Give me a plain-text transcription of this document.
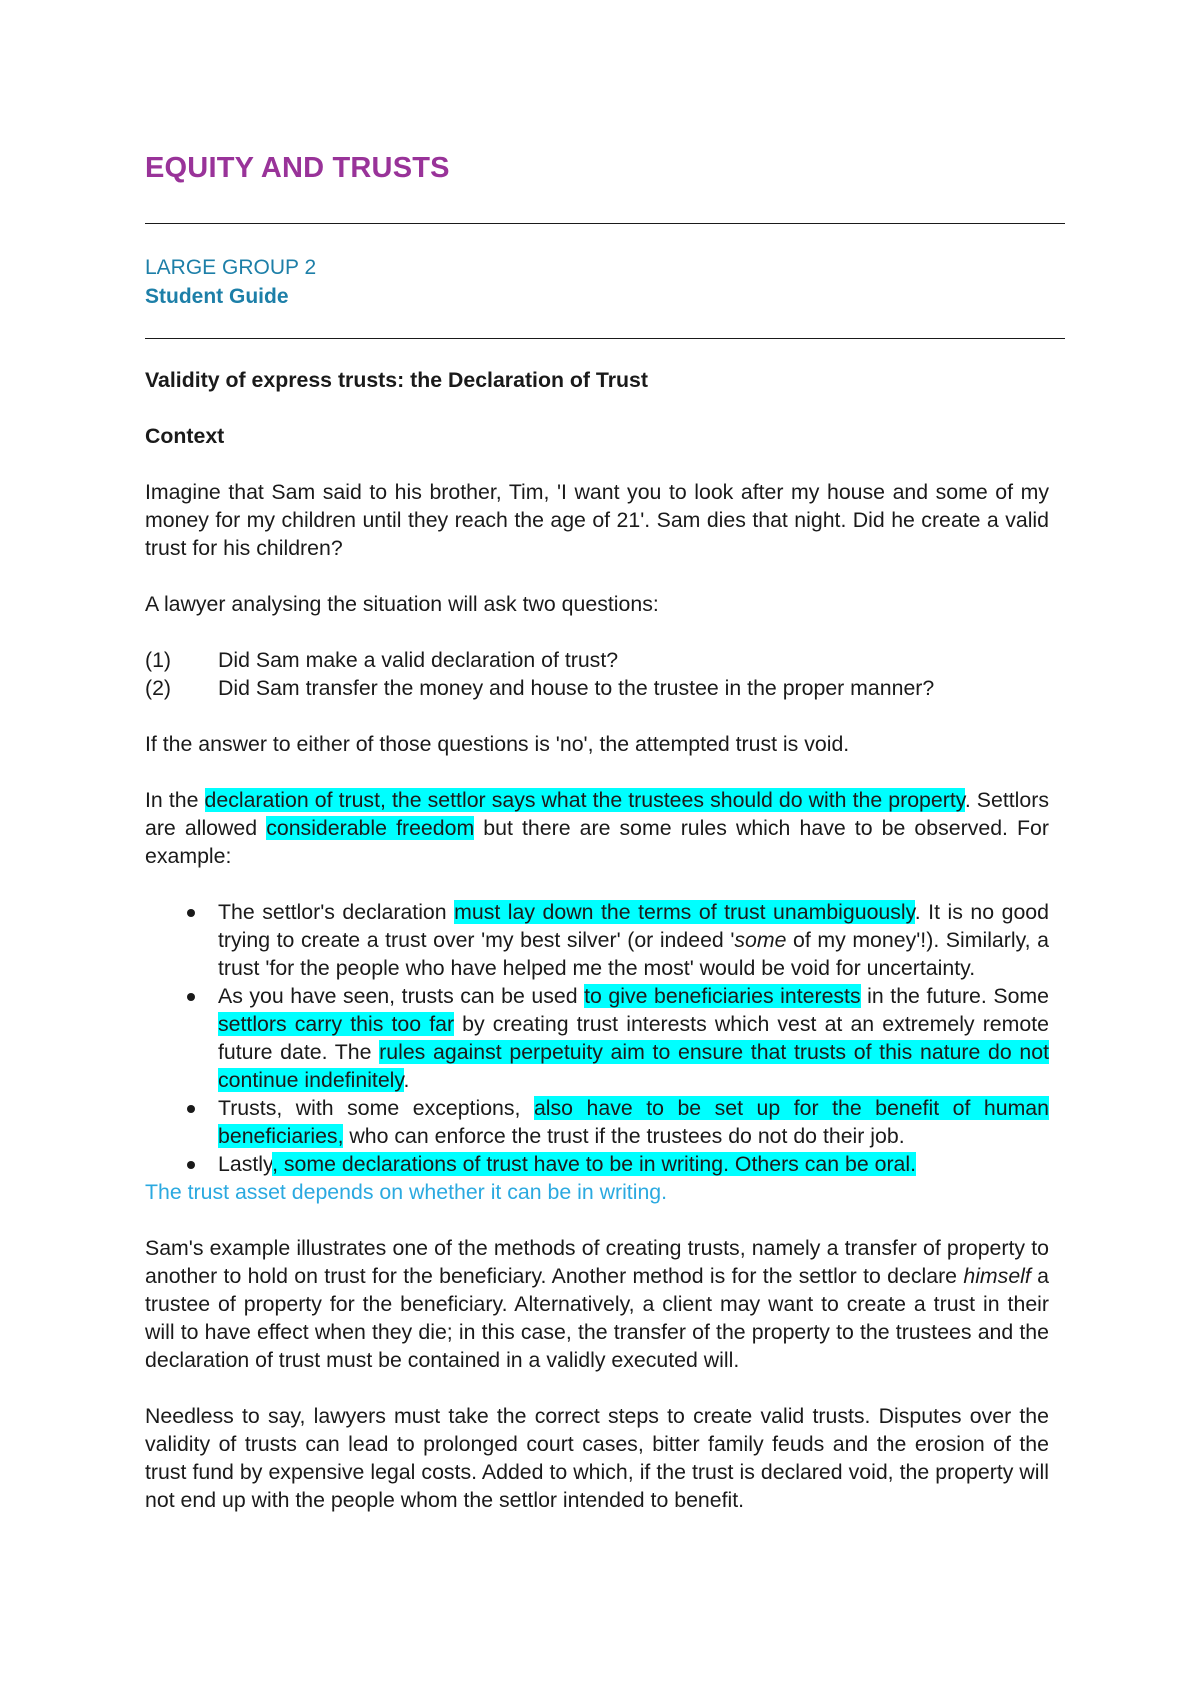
EQUITY AND TRUSTS
LARGE GROUP 2
Student Guide

Validity of express trusts: the Declaration of Trust

Context

Imagine that Sam said to his brother, Tim, 'I want you to look after my house and some of my money for my children until they reach the age of 21'. Sam dies that night. Did he create a valid trust for his children?

A lawyer analysing the situation will ask two questions:

(1)	Did Sam make a valid declaration of trust?
(2)	Did Sam transfer the money and house to the trustee in the proper manner?

If the answer to either of those questions is 'no', the attempted trust is void.

In the declaration of trust, the settlor says what the trustees should do with the property. Settlors are allowed considerable freedom but there are some rules which have to be observed. For example:

The settlor's declaration must lay down the terms of trust unambiguously. It is no good trying to create a trust over 'my best silver' (or indeed 'some of my money'!). Similarly, a trust 'for the people who have helped me the most' would be void for uncertainty.
As you have seen, trusts can be used to give beneficiaries interests in the future. Some settlors carry this too far by creating trust interests which vest at an extremely remote future date. The rules against perpetuity aim to ensure that trusts of this nature do not continue indefinitely.
Trusts, with some exceptions, also have to be set up for the benefit of human beneficiaries, who can enforce the trust if the trustees do not do their job.
Lastly, some declarations of trust have to be in writing. Others can be oral.

The trust asset depends on whether it can be in writing.

Sam's example illustrates one of the methods of creating trusts, namely a transfer of property to another to hold on trust for the beneficiary. Another method is for the settlor to declare himself a trustee of property for the beneficiary. Alternatively, a client may want to create a trust in their will to have effect when they die; in this case, the transfer of the property to the trustees and the declaration of trust must be contained in a validly executed will.

Needless to say, lawyers must take the correct steps to create valid trusts. Disputes over the validity of trusts can lead to prolonged court cases, bitter family feuds and the erosion of the trust fund by expensive legal costs. Added to which, if the trust is declared void, the property will not end up with the people whom the settlor intended to benefit.
